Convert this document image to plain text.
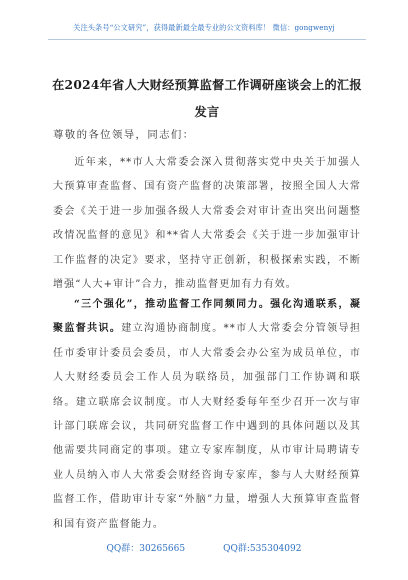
关注头条号“公文研究”，获得最新最全最专业的公文资料库！ 微信：gongwenyj
在2024年省人大财经预算监督工作调研座谈会上的汇报发言
尊敬的各位领导，同志们：
近年来，**市人大常委会深入贯彻落实党中央关于加强人大预算审查监督、国有资产监督的决策部署，按照全国人大常委会《关于进一步加强各级人大常委会对审计查出突出问题整改情况监督的意见》和**省人大常委会《关于进一步加强审计工作监督的决定》要求，坚持守正创新，积极探索实践，不断增强“人大+审计”合力，推动监督更加有力有效。
“三个强化”，推动监督工作同频同力。强化沟通联系，凝聚监督共识。建立沟通协商制度。**市人大常委会分管领导担任市委审计委员会委员，市人大常委会办公室为成员单位，市人大财经委员会工作人员为联络员，加强部门工作协调和联络。建立联席会议制度。市人大财经委每年至少召开一次与审计部门联席会议，共同研究监督工作中遇到的具体问题以及其他需要共同商定的事项。建立专家库制度，从市审计局聘请专业人员纳入市人大常委会财经咨询专家库，参与人大财经预算监督工作，借助审计专家“外脑”力量，增强人大预算审查监督和国有资产监督能力。
QQ群：30265665	QQ群:535304092
